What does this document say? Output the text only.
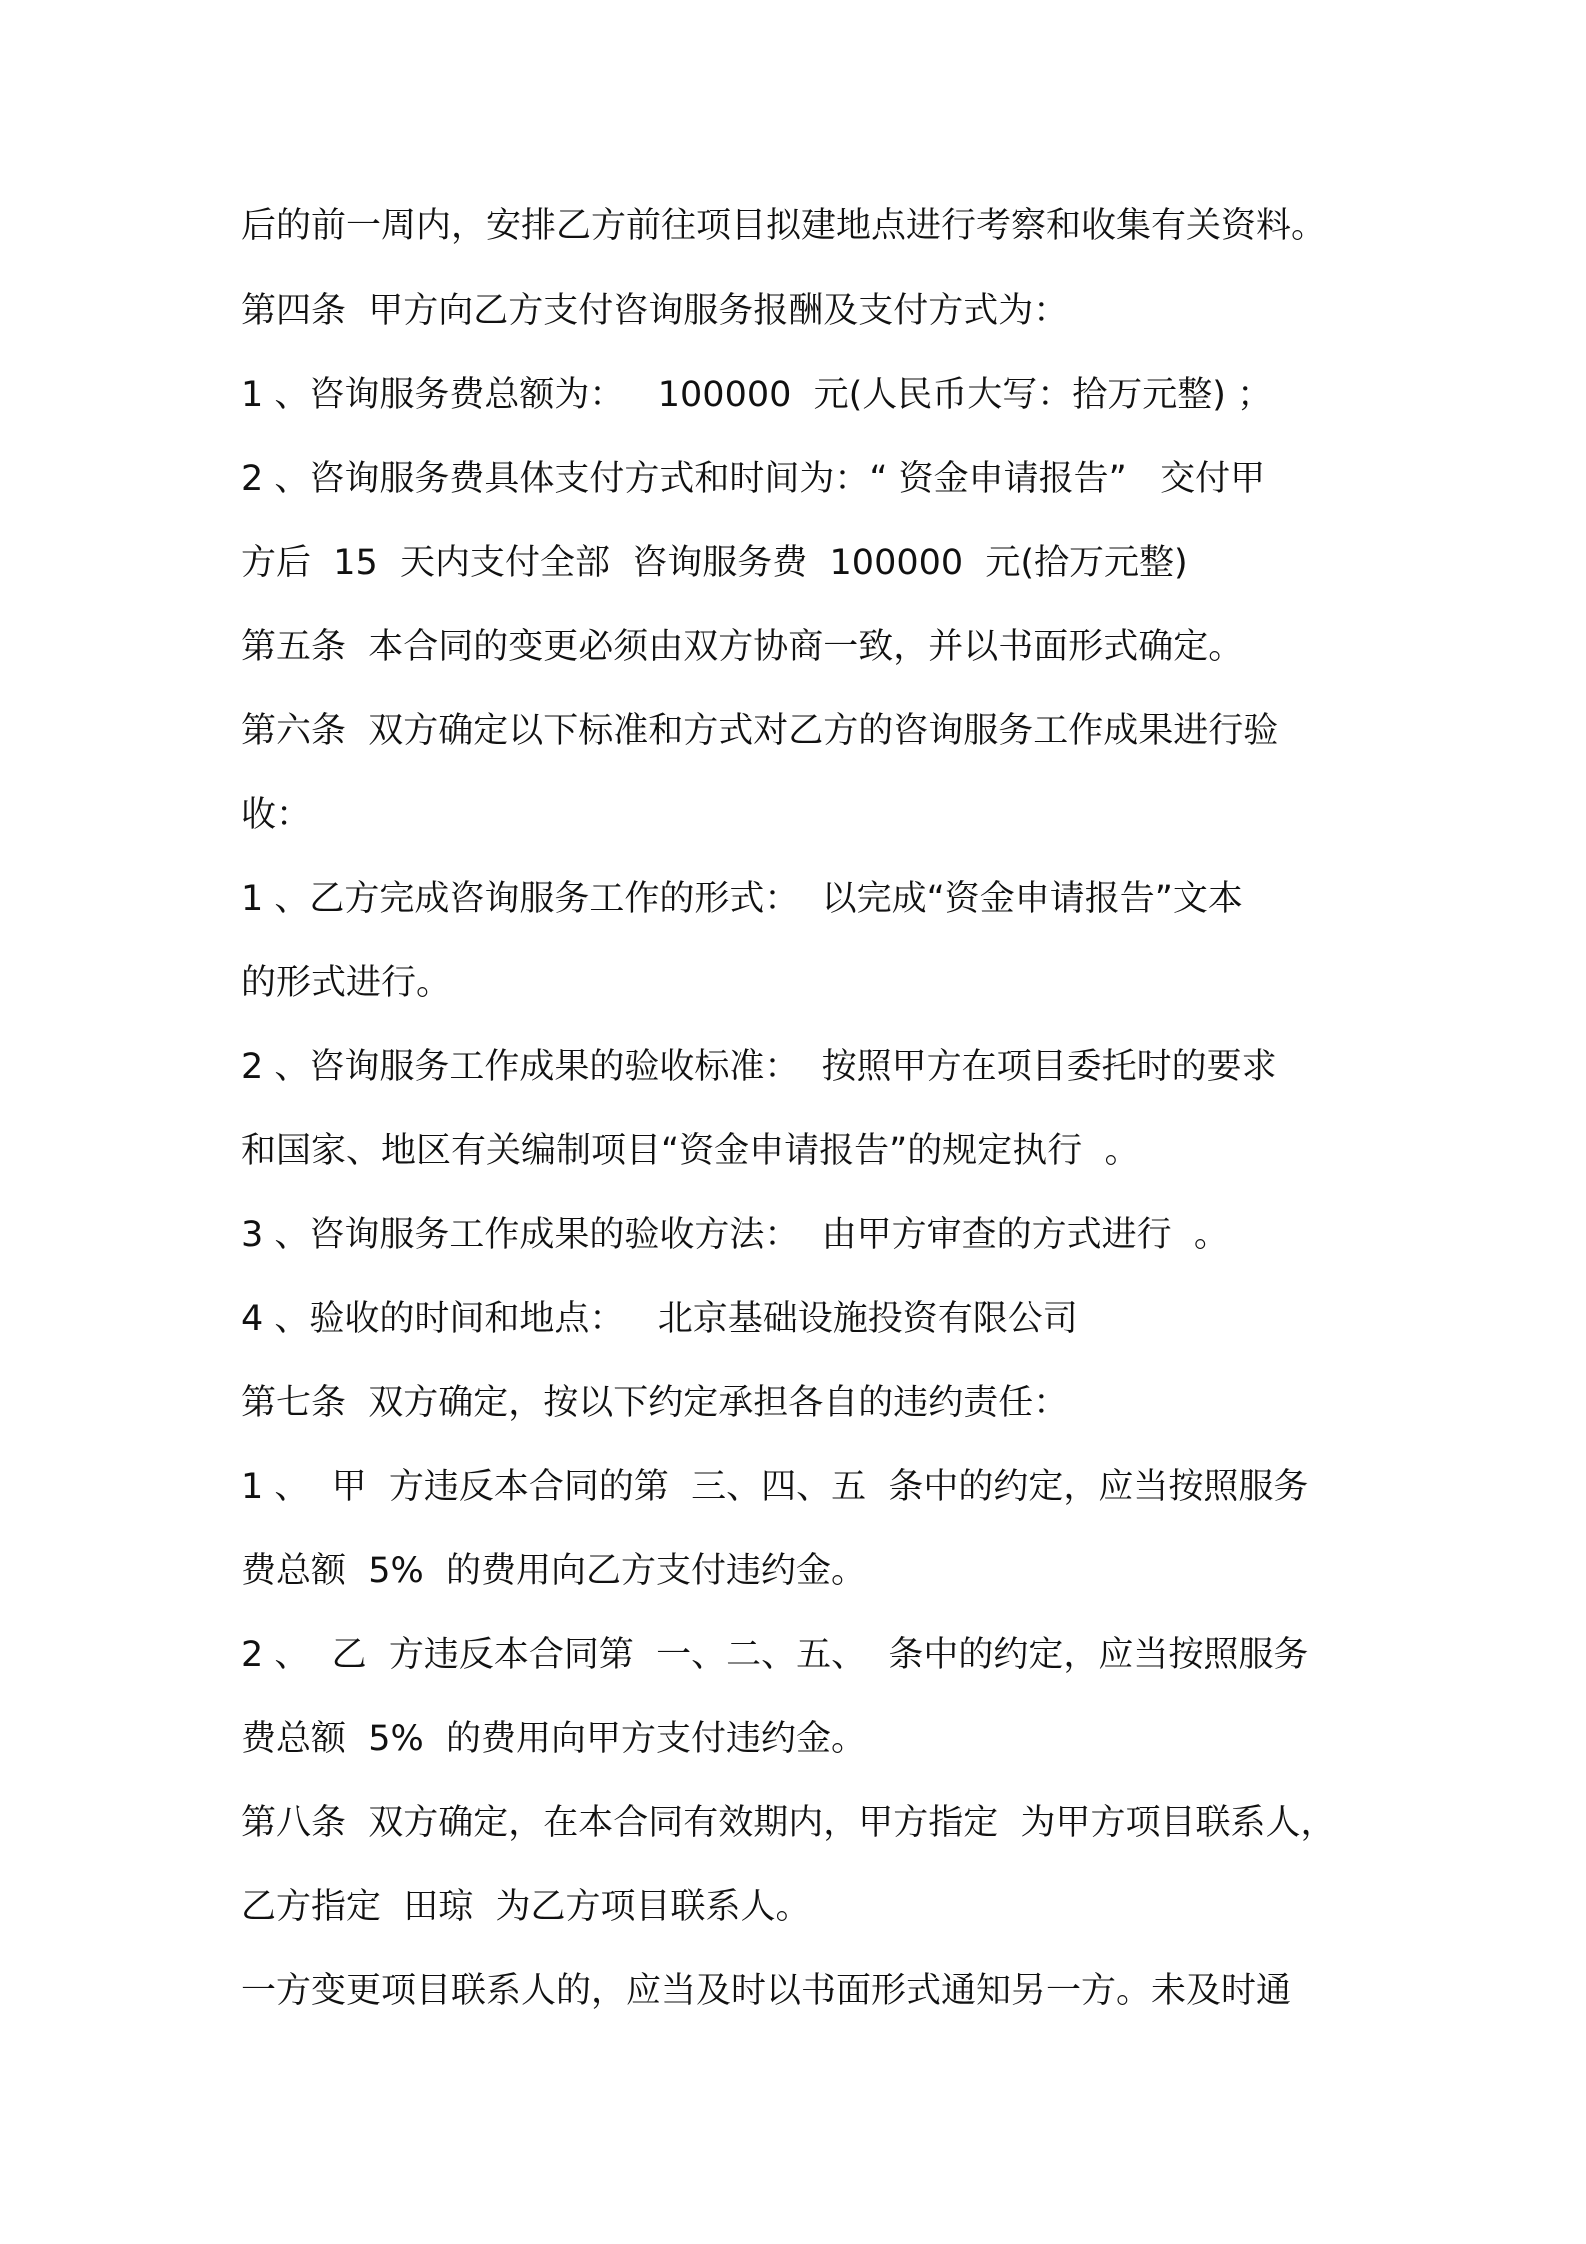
后的前一周内，安排乙方前往项目拟建地点进行考察和收集有关资料。
第四条  甲方向乙方支付咨询服务报酬及支付方式为：
1 、咨询服务费总额为：   100000  元(人民币大写：拾万元整) ；
2 、咨询服务费具体支付方式和时间为：“ 资金申请报告”   交付甲
方后  15  天内支付全部  咨询服务费  100000  元(拾万元整)
第五条  本合同的变更必须由双方协商一致，并以书面形式确定。
第六条  双方确定以下标准和方式对乙方的咨询服务工作成果进行验
收：
1 、乙方完成咨询服务工作的形式：  以完成“资金申请报告”文本
的形式进行。
2 、咨询服务工作成果的验收标准：  按照甲方在项目委托时的要求
和国家、地区有关编制项目“资金申请报告”的规定执行  。
3 、咨询服务工作成果的验收方法：  由甲方审查的方式进行  。
4 、验收的时间和地点：   北京基础设施投资有限公司
第七条  双方确定，按以下约定承担各自的违约责任：
1 、  甲  方违反本合同的第  三、四、五  条中的约定，应当按照服务
费总额  5%  的费用向乙方支付违约金。
2 、  乙  方违反本合同第  一、二、五、  条中的约定，应当按照服务
费总额  5%  的费用向甲方支付违约金。
第八条  双方确定，在本合同有效期内，甲方指定  为甲方项目联系人，
乙方指定  田琼  为乙方项目联系人。
一方变更项目联系人的，应当及时以书面形式通知另一方。未及时通
